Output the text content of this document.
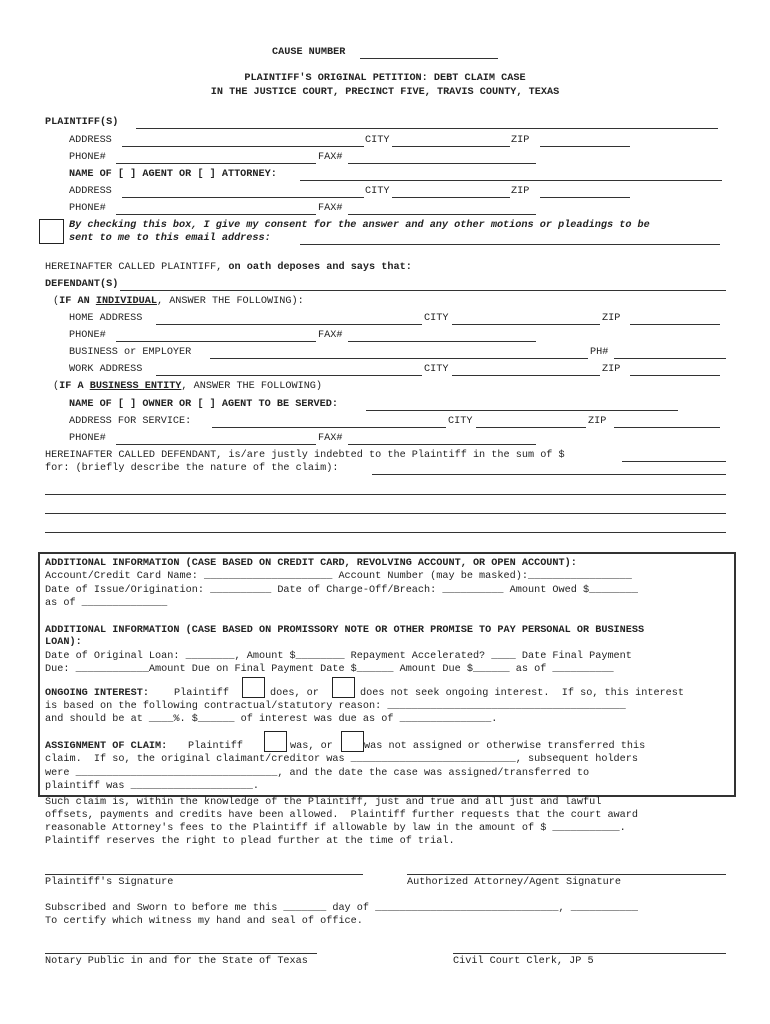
CAUSE NUMBER
PLAINTIFF'S ORIGINAL PETITION: DEBT CLAIM CASE
IN THE JUSTICE COURT, PRECINCT FIVE, TRAVIS COUNTY, TEXAS
PLAINTIFF(S)
ADDRESS	CITY	ZIP
PHONE#	FAX#
NAME OF [ ] AGENT OR [ ] ATTORNEY:
ADDRESS	CITY	ZIP
PHONE#	FAX#
By checking this box, I give my consent for the answer and any other motions or pleadings to be
sent to me to this email address:
HEREINAFTER CALLED PLAINTIFF, on oath deposes and says that:
DEFENDANT(S)
(IF AN INDIVIDUAL, ANSWER THE FOLLOWING):
HOME ADDRESS	CITY	ZIP
PHONE#	FAX#
BUSINESS or EMPLOYER	PH#
WORK ADDRESS	CITY	ZIP
(IF A BUSINESS ENTITY, ANSWER THE FOLLOWING)
NAME OF [ ] OWNER OR [ ] AGENT TO BE SERVED:
ADDRESS FOR SERVICE:	CITY	ZIP
PHONE#	FAX#
HEREINAFTER CALLED DEFENDANT, is/are justly indebted to the Plaintiff in the sum of $
for: (briefly describe the nature of the claim):
ADDITIONAL INFORMATION (CASE BASED ON CREDIT CARD, REVOLVING ACCOUNT, OR OPEN ACCOUNT):
Account/Credit Card Name: _____________________ Account Number (may be masked):_________________
Date of Issue/Origination: __________ Date of Charge-Off/Breach: __________ Amount Owed $________
as of ______________
ADDITIONAL INFORMATION (CASE BASED ON PROMISSORY NOTE OR OTHER PROMISE TO PAY PERSONAL OR BUSINESS
LOAN):
Date of Original Loan: ________, Amount $________ Repayment Accelerated? ____ Date Final Payment
Due: ____________Amount Due on Final Payment Date $______ Amount Due $______ as of __________
ONGOING INTEREST: Plaintiff	does, or	does not seek ongoing interest.  If so, this interest
is based on the following contractual/statutory reason: _______________________________________
and should be at ____%. $______ of interest was due as of _______________.
ASSIGNMENT OF CLAIM: Plaintiff	was, or	was not assigned or otherwise transferred this
claim.  If so, the original claimant/creditor was ___________________________, subsequent holders
were _________________________________, and the date the case was assigned/transferred to
plaintiff was ____________________.
Such claim is, within the knowledge of the Plaintiff, just and true and all just and lawful
offsets, payments and credits have been allowed.  Plaintiff further requests that the court award
reasonable Attorney's fees to the Plaintiff if allowable by law in the amount of $ ___________.
Plaintiff reserves the right to plead further at the time of trial.
Plaintiff's Signature	Authorized Attorney/Agent Signature
Subscribed and Sworn to before me this _______ day of ______________________________, ___________
To certify which witness my hand and seal of office.
Notary Public in and for the State of Texas	Civil Court Clerk, JP 5
